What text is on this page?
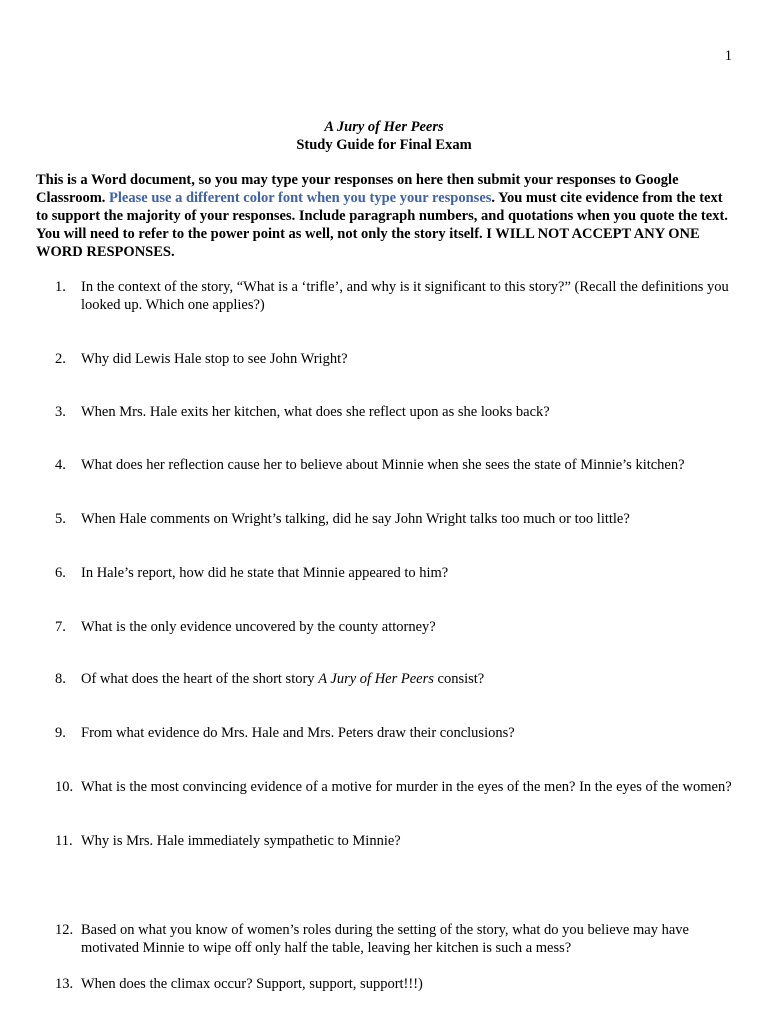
1
A Jury of Her Peers
Study Guide for Final Exam
This is a Word document, so you may type your responses on here then submit your responses to Google Classroom. Please use a different color font when you type your responses. You must cite evidence from the text to support the majority of your responses. Include paragraph numbers, and quotations when you quote the text. You will need to refer to the power point as well, not only the story itself. I WILL NOT ACCEPT ANY ONE WORD RESPONSES.
1.	In the context of the story, “What is a ‘trifle’, and why is it significant to this story?” (Recall the definitions you looked up. Which one applies?)
2.	Why did Lewis Hale stop to see John Wright?
3.	When Mrs. Hale exits her kitchen, what does she reflect upon as she looks back?
4.	What does her reflection cause her to believe about Minnie when she sees the state of Minnie’s kitchen?
5.	When Hale comments on Wright’s talking, did he say John Wright talks too much or too little?
6.	In Hale’s report, how did he state that Minnie appeared to him?
7.	What is the only evidence uncovered by the county attorney?
8.	Of what does the heart of the short story A Jury of Her Peers consist?
9.	From what evidence do Mrs. Hale and Mrs. Peters draw their conclusions?
10. What is the most convincing evidence of a motive for murder in the eyes of the men? In the eyes of the women?
11. Why is Mrs. Hale immediately sympathetic to Minnie?
12. Based on what you know of women’s roles during the setting of the story, what do you believe may have motivated Minnie to wipe off only half the table, leaving her kitchen is such a mess?
13. When does the climax occur? Support, support, support!!!)
